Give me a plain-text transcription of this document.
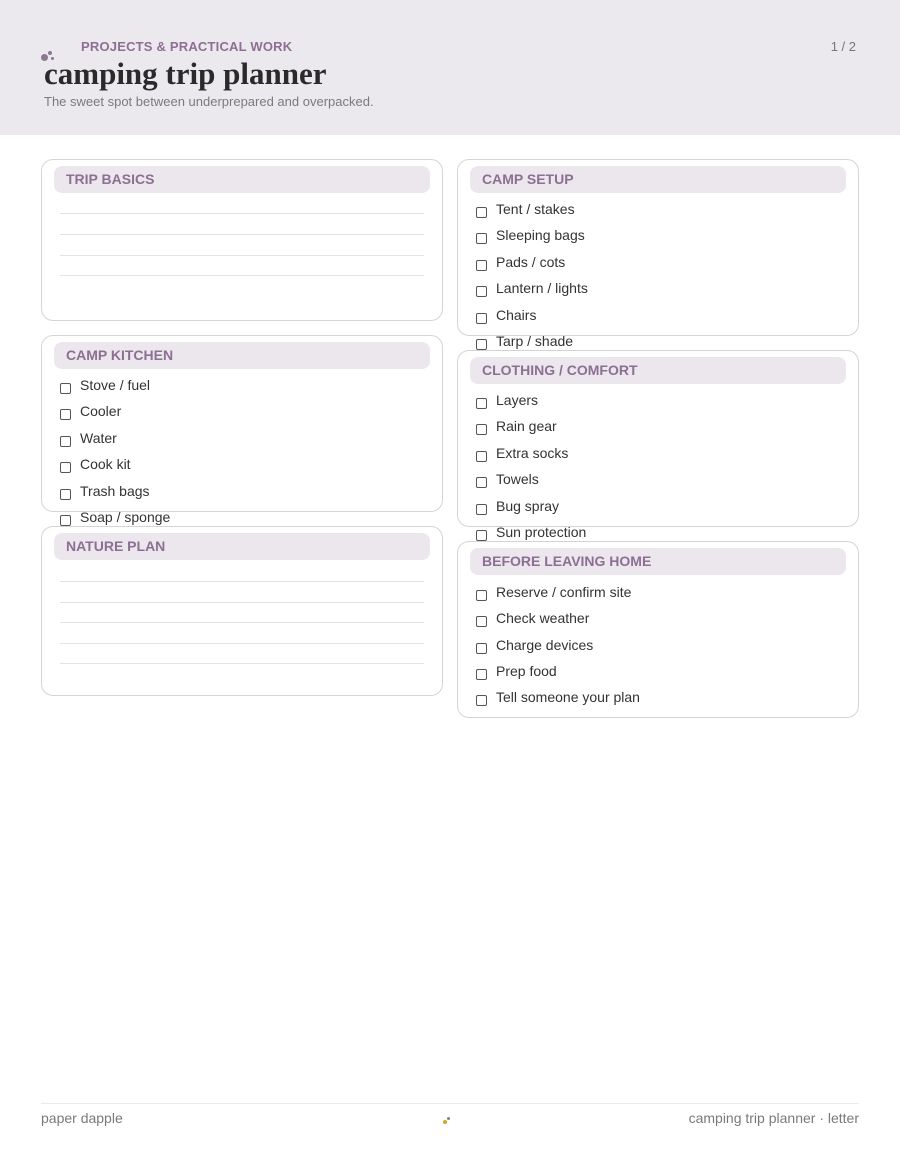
PROJECTS & PRACTICAL WORK	1 / 2
camping trip planner
The sweet spot between underprepared and overpacked.
TRIP BASICS	CAMP SETUP
Tent / stakes
Sleeping bags
Pads / cots
Lantern / lights
Chairs
Tarp / shade
CAMP KITCHEN
Stove / fuel
Cooler
Water
Cook kit
Trash bags
Soap / sponge
CLOTHING / COMFORT
Layers
Rain gear
Extra socks
Towels
Bug spray
Sun protection
NATURE PLAN
BEFORE LEAVING HOME
Reserve / confirm site
Check weather
Charge devices
Prep food
Tell someone your plan
paper dapple	camping trip planner · letter
